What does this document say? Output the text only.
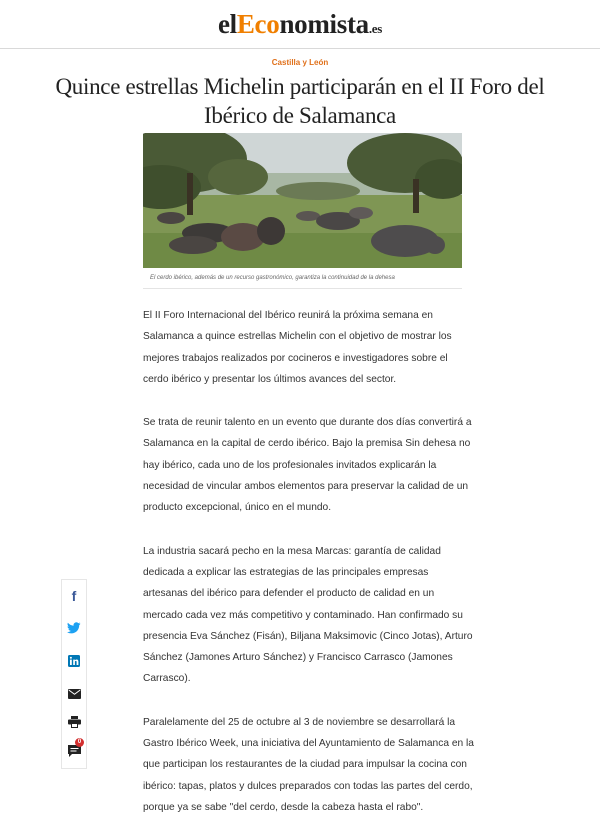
elEconomista.es
Castilla y León
Quince estrellas Michelin participarán en el II Foro del Ibérico de Salamanca
El cerdo ibérico, además de un recurso gastronómico, garantiza la continuidad de la dehesa

El II Foro Internacional del Ibérico reunirá la próxima semana en Salamanca a quince estrellas Michelin con el objetivo de mostrar los mejores trabajos realizados por cocineros e investigadores sobre el cerdo ibérico y presentar los últimos avances del sector.

Se trata de reunir talento en un evento que durante dos días convertirá a Salamanca en la capital de cerdo ibérico. Bajo la premisa Sin dehesa no hay ibérico, cada uno de los profesionales invitados explicarán la necesidad de vincular ambos elementos para preservar la calidad de un producto excepcional, único en el mundo.

La industria sacará pecho en la mesa Marcas: garantía de calidad dedicada a explicar las estrategias de las principales empresas artesanas del ibérico para defender el producto de calidad en un mercado cada vez más competitivo y contaminado. Han confirmado su presencia Eva Sánchez (Fisán), Biljana Maksimovic (Cinco Jotas), Arturo Sánchez (Jamones Arturo Sánchez) y Francisco Carrasco (Jamones Carrasco).

Paralelamente del 25 de octubre al 3 de noviembre se desarrollará la Gastro Ibérico Week, una iniciativa del Ayuntamiento de Salamanca en la que participan los restaurantes de la ciudad para impulsar la cocina con ibérico: tapas, platos y dulces preparados con todas las partes del cerdo, porque ya se sabe "del cerdo, desde la cabeza hasta el rabo".

f
0
